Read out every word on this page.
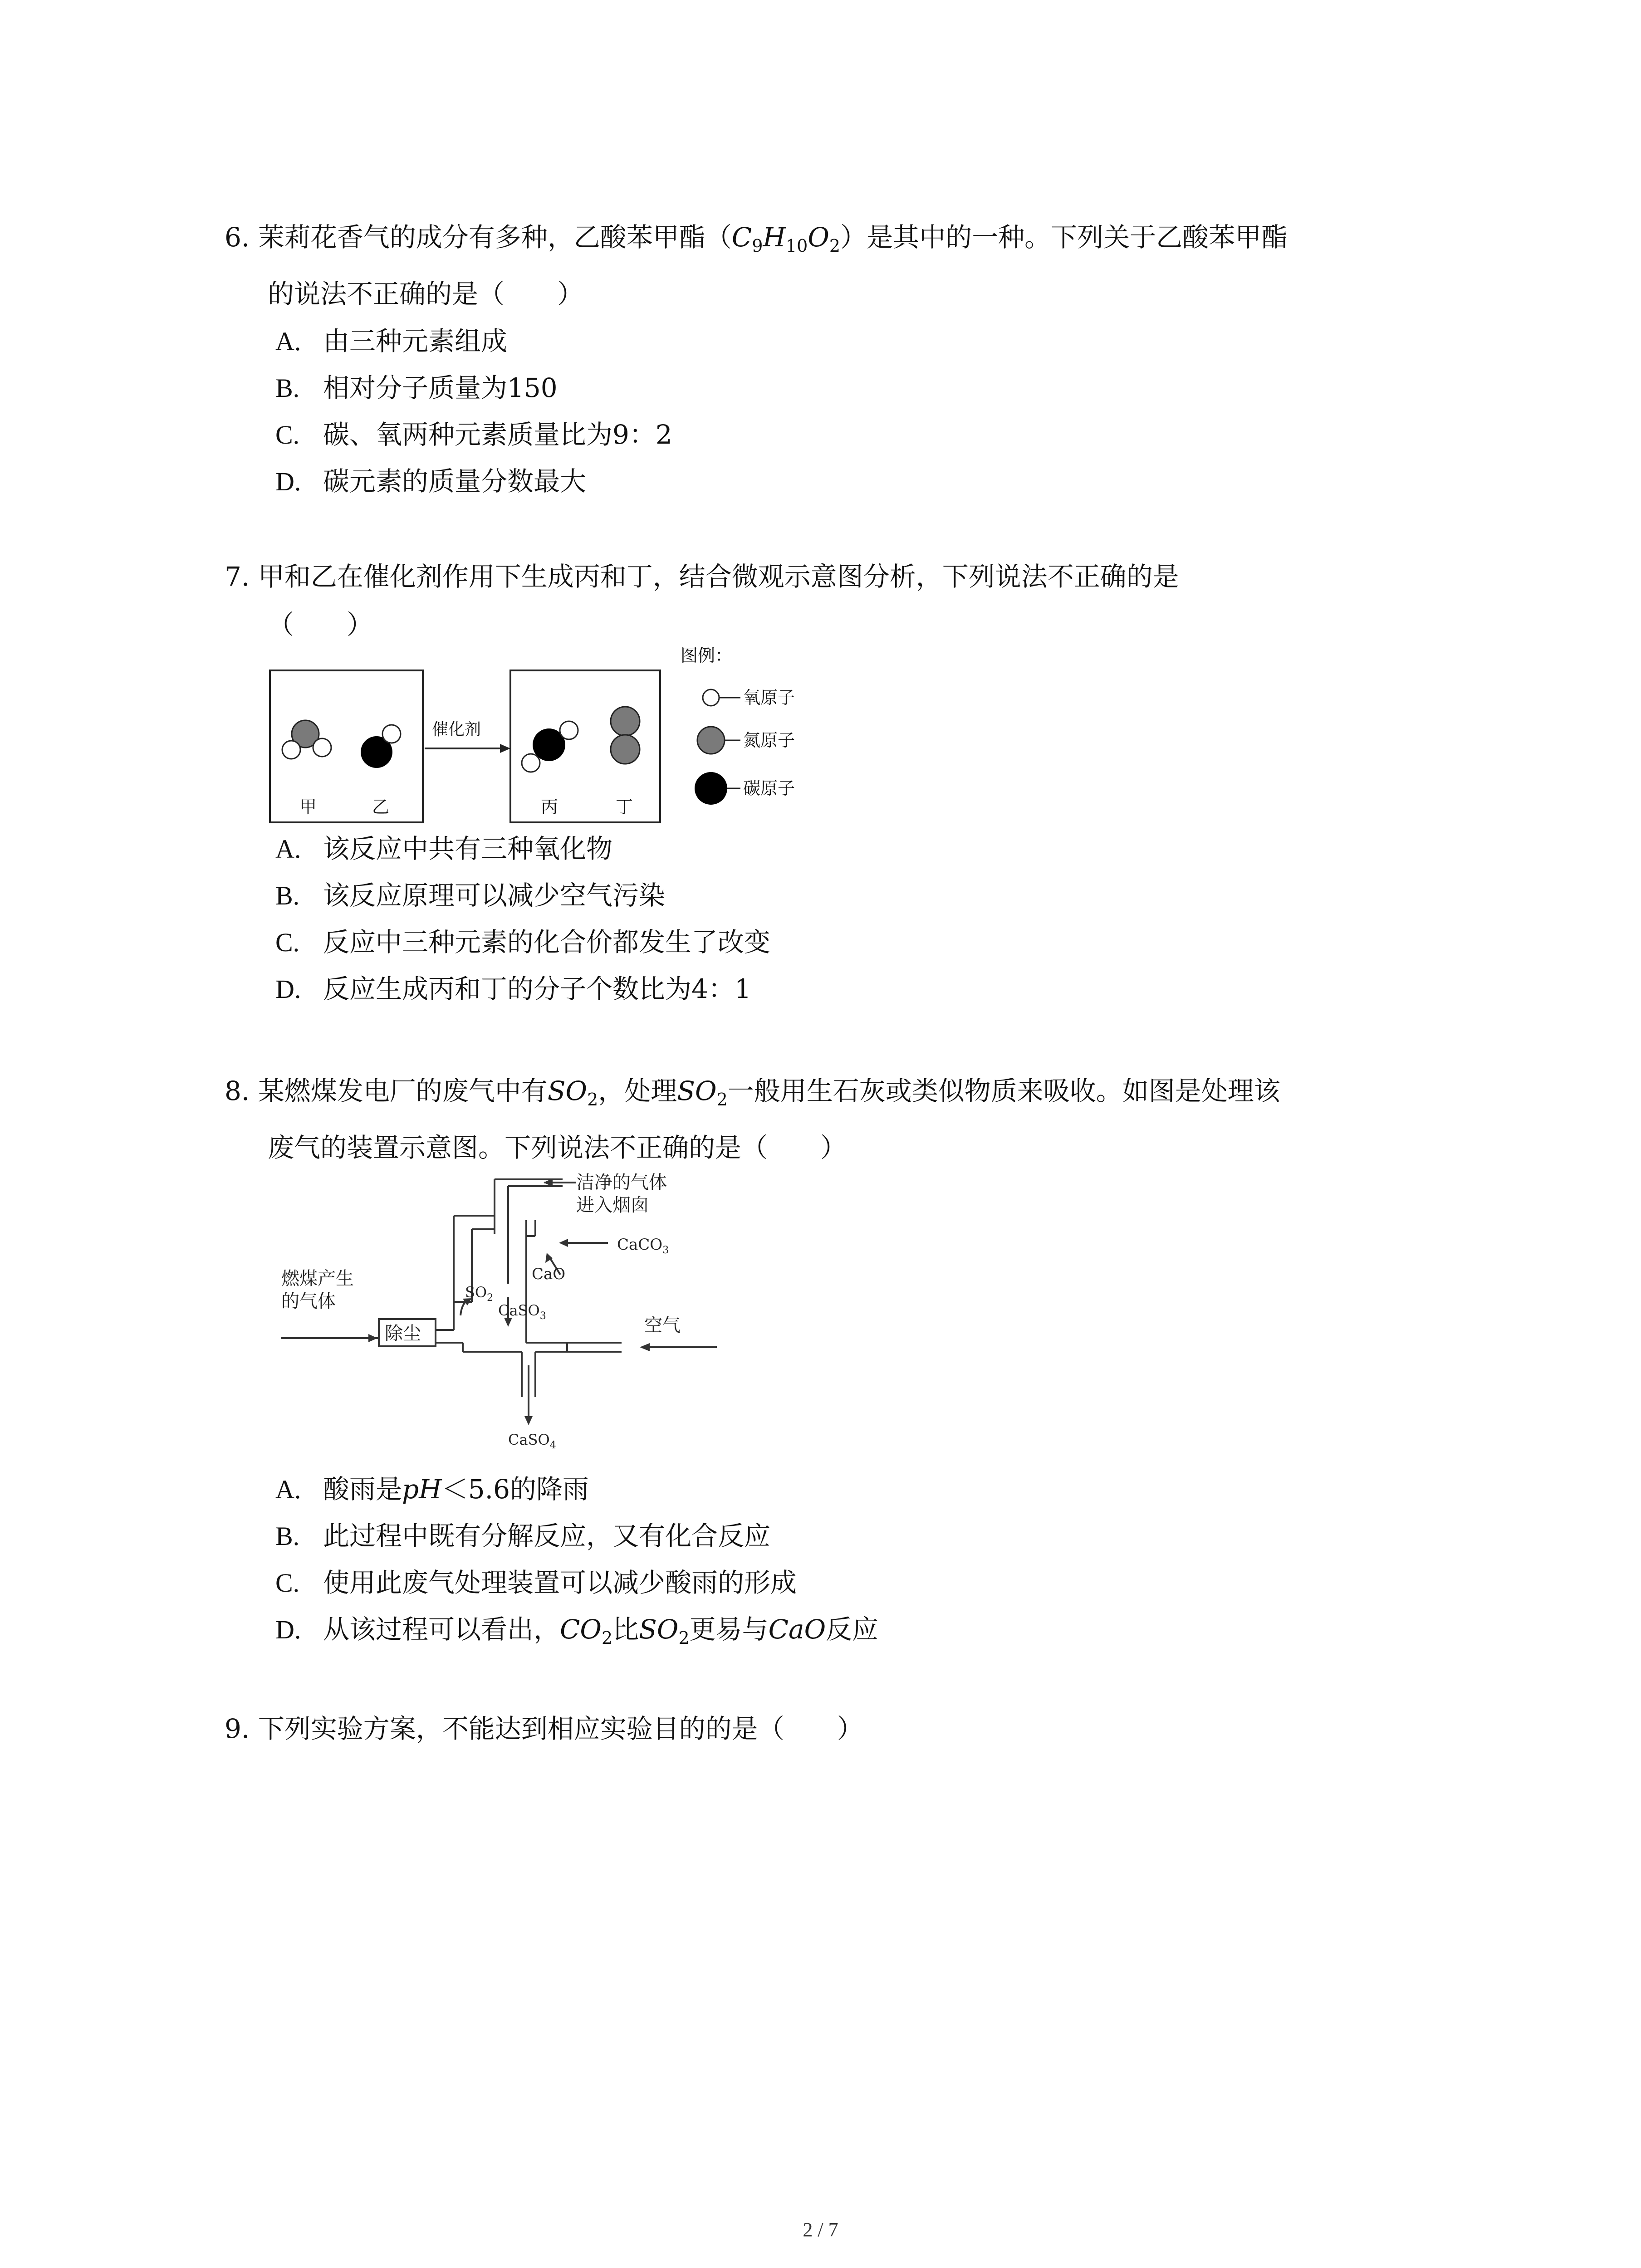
6. 茉莉花香气的成分有多种，乙酸苯甲酯$(C_9H_{10}O_2)$是其中的一种。下列关于乙酸苯甲酯
的说法不正确的是（　　）

A. 由三种元素组成
B. 相对分子质量为150
C. 碳、氧两种元素质量比为9：2
D. 碳元素的质量分数最大

7. 甲和乙在催化剂作用下生成丙和丁，结合微观示意图分析，下列说法不正确的是
（　　）

甲	乙
催化剂
丙	丁
图例：
氧原子
氮原子
碳原子
A. 该反应中共有三种氧化物
B. 该反应原理可以减少空气污染
C. 反应中三种元素的化合价都发生了改变
D. 反应生成丙和丁的分子个数比为4：1

8. 某燃煤发电厂的废气中有$SO_2$，处理$SO_2$一般用生石灰或类似物质来吸收。如图是处理该
废气的装置示意图。下列说法不正确的是（　　）

洁净的气体
进入烟囱
CaCO$_3$
CaO
$SO_2$
CaSO$_3$
燃煤产生
的气体
除尘	空气
CaSO$_4$
A. 酸雨是pH＜5.6的降雨
B. 此过程中既有分解反应，又有化合反应
C. 使用此废气处理装置可以减少酸雨的形成
D. 从该过程可以看出，$CO_2$比$SO_2$更易与CaO反应

9. 下列实验方案，不能达到相应实验目的的是（　　）

2 / 7
